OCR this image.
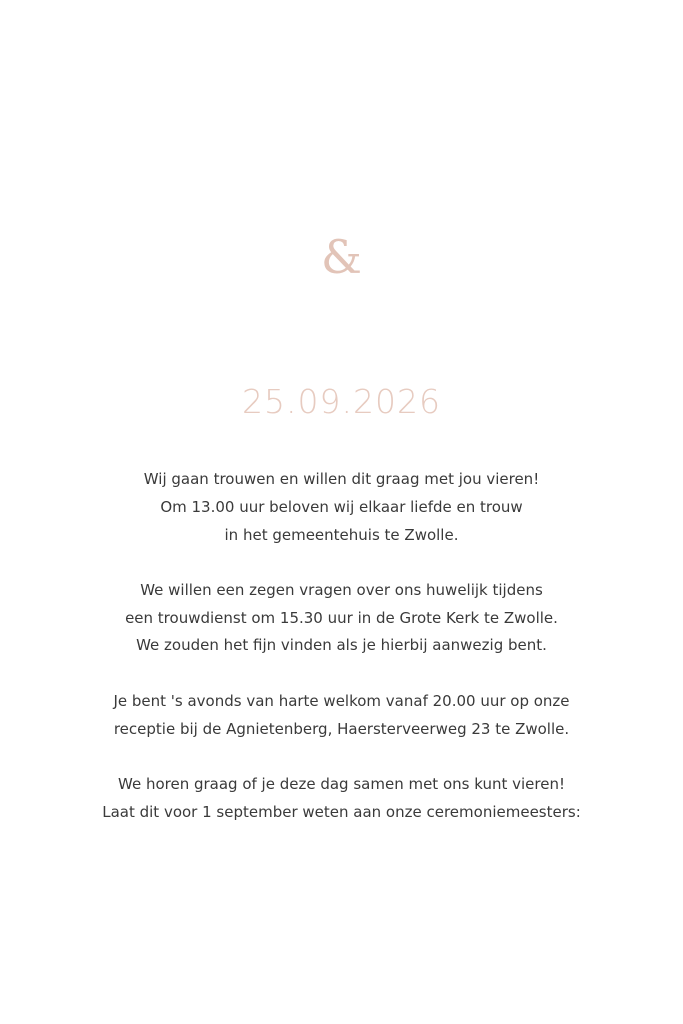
&
25.09.2026
Wij gaan trouwen en willen dit graag met jou vieren!
Om 13.00 uur beloven wij elkaar liefde en trouw
in het gemeentehuis te Zwolle.
We willen een zegen vragen over ons huwelijk tijdens
een trouwdienst om 15.30 uur in de Grote Kerk te Zwolle.
We zouden het fijn vinden als je hierbij aanwezig bent.
Je bent 's avonds van harte welkom vanaf 20.00 uur op onze
receptie bij de Agnietenberg, Haersterveerweg 23 te Zwolle.
We horen graag of je deze dag samen met ons kunt vieren!
Laat dit voor 1 september weten aan onze ceremoniemeesters:
